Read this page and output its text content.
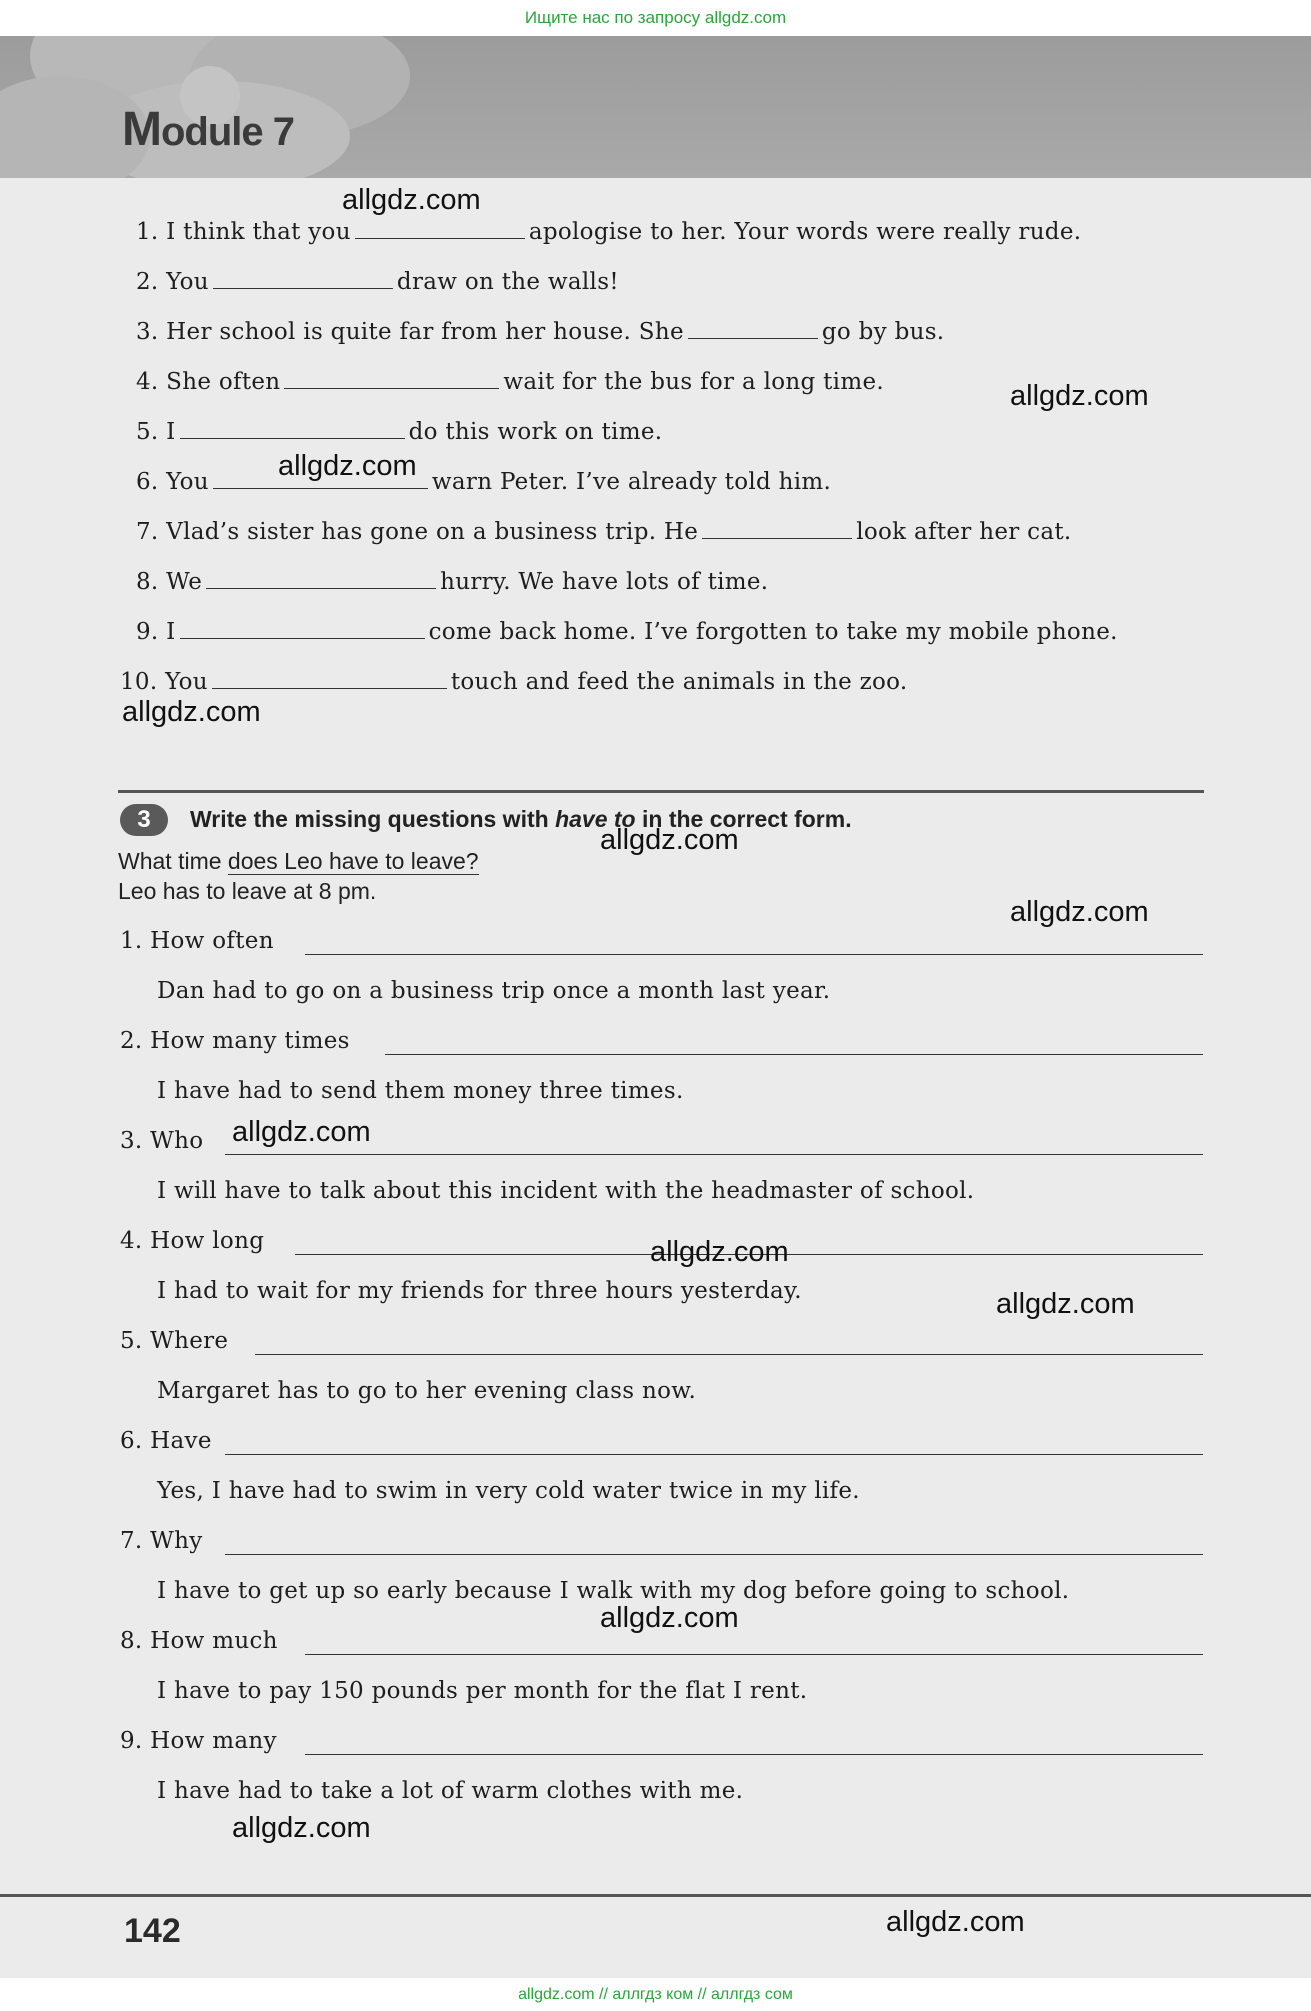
Ищите нас по запросу allgdz.com
Module 7
1. I think that you	apologise to her. Your words were really rude.
2. You	draw on the walls!
3. Her school is quite far from her house. She	go by bus.
4. She often	wait for the bus for a long time.
5. I	do this work on time.
6. You	warn Peter. I’ve already told him.
7. Vlad’s sister has gone on a business trip. He	look after her cat.
8. We	hurry. We have lots of time.
9. I	come back home. I’ve forgotten to take my mobile phone.
10. You	touch and feed the animals in the zoo.
3	Write the missing questions with have to in the correct form.
What time does Leo have to leave?
Leo has to leave at 8 pm.
1. How often
Dan had to go on a business trip once a month last year.
2. How many times
I have had to send them money three times.
3. Who
I will have to talk about this incident with the headmaster of school.
4. How long
I had to wait for my friends for three hours yesterday.
5. Where
Margaret has to go to her evening class now.
6. Have
Yes, I have had to swim in very cold water twice in my life.
7. Why
I have to get up so early because I walk with my dog before going to school.
8. How much
I have to pay 150 pounds per month for the flat I rent.
9. How many
I have had to take a lot of warm clothes with me.
allgdz.com
allgdz.com
allgdz.com
allgdz.com
allgdz.com
allgdz.com
allgdz.com
allgdz.com
allgdz.com
allgdz.com
allgdz.com
allgdz.com
142
allgdz.com // аллгдз ком // аллгдз сом
